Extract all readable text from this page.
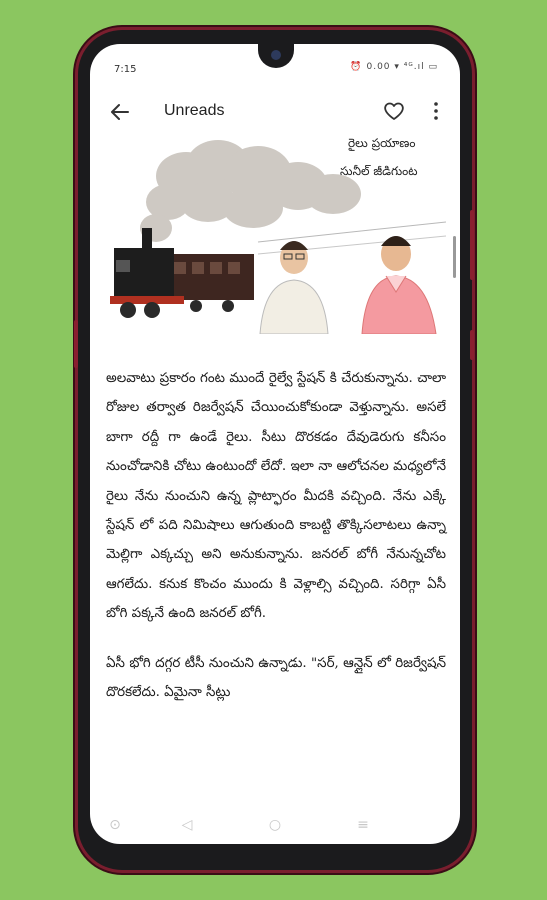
7:15	⏰ 0.00 ▾ ⁴ᴳ.ıl ▭
Unreads
రైలు ప్రయాణం
సునీల్ జీడిగుంట

అలవాటు ప్రకారం గంట ముందే రైల్వే స్టేషన్ కి చేరుకున్నాను. చాలా రోజుల తర్వాత రిజర్వేషన్ చేయించుకోకుండా వెళ్తున్నాను. అసలే బాగా రద్దీ గా ఉండే రైలు. సీటు దొరకడం దేవుడెరుగు కనీసం నుంచోడానికి చోటు ఉంటుందో లేదో. ఇలా నా ఆలోచనల మధ్యలోనే రైలు నేను నుంచుని ఉన్న ప్లాట్ఫారం మీదకి వచ్చింది. నేను ఎక్కే స్టేషన్ లో పది నిమిషాలు ఆగుతుంది కాబట్టి తొక్కిసలాటలు ఉన్నా మెల్లిగా ఎక్కచ్చు అని అనుకున్నాను. జనరల్ బోగీ నేనున్నచోట ఆగలేదు. కనుక కొంచం ముందు కి వెళ్లాల్సి వచ్చింది. సరిగ్గా ఏసీ బోగి పక్కనే ఉంది జనరల్ బోగీ.

ఏసీ భోగి దగ్గర టీసీ నుంచుని ఉన్నాడు. "సర్, ఆన్లైన్ లో రిజర్వేషన్ దొరకలేదు. ఏమైనా సీట్లు

⊙	◁	○	≡
